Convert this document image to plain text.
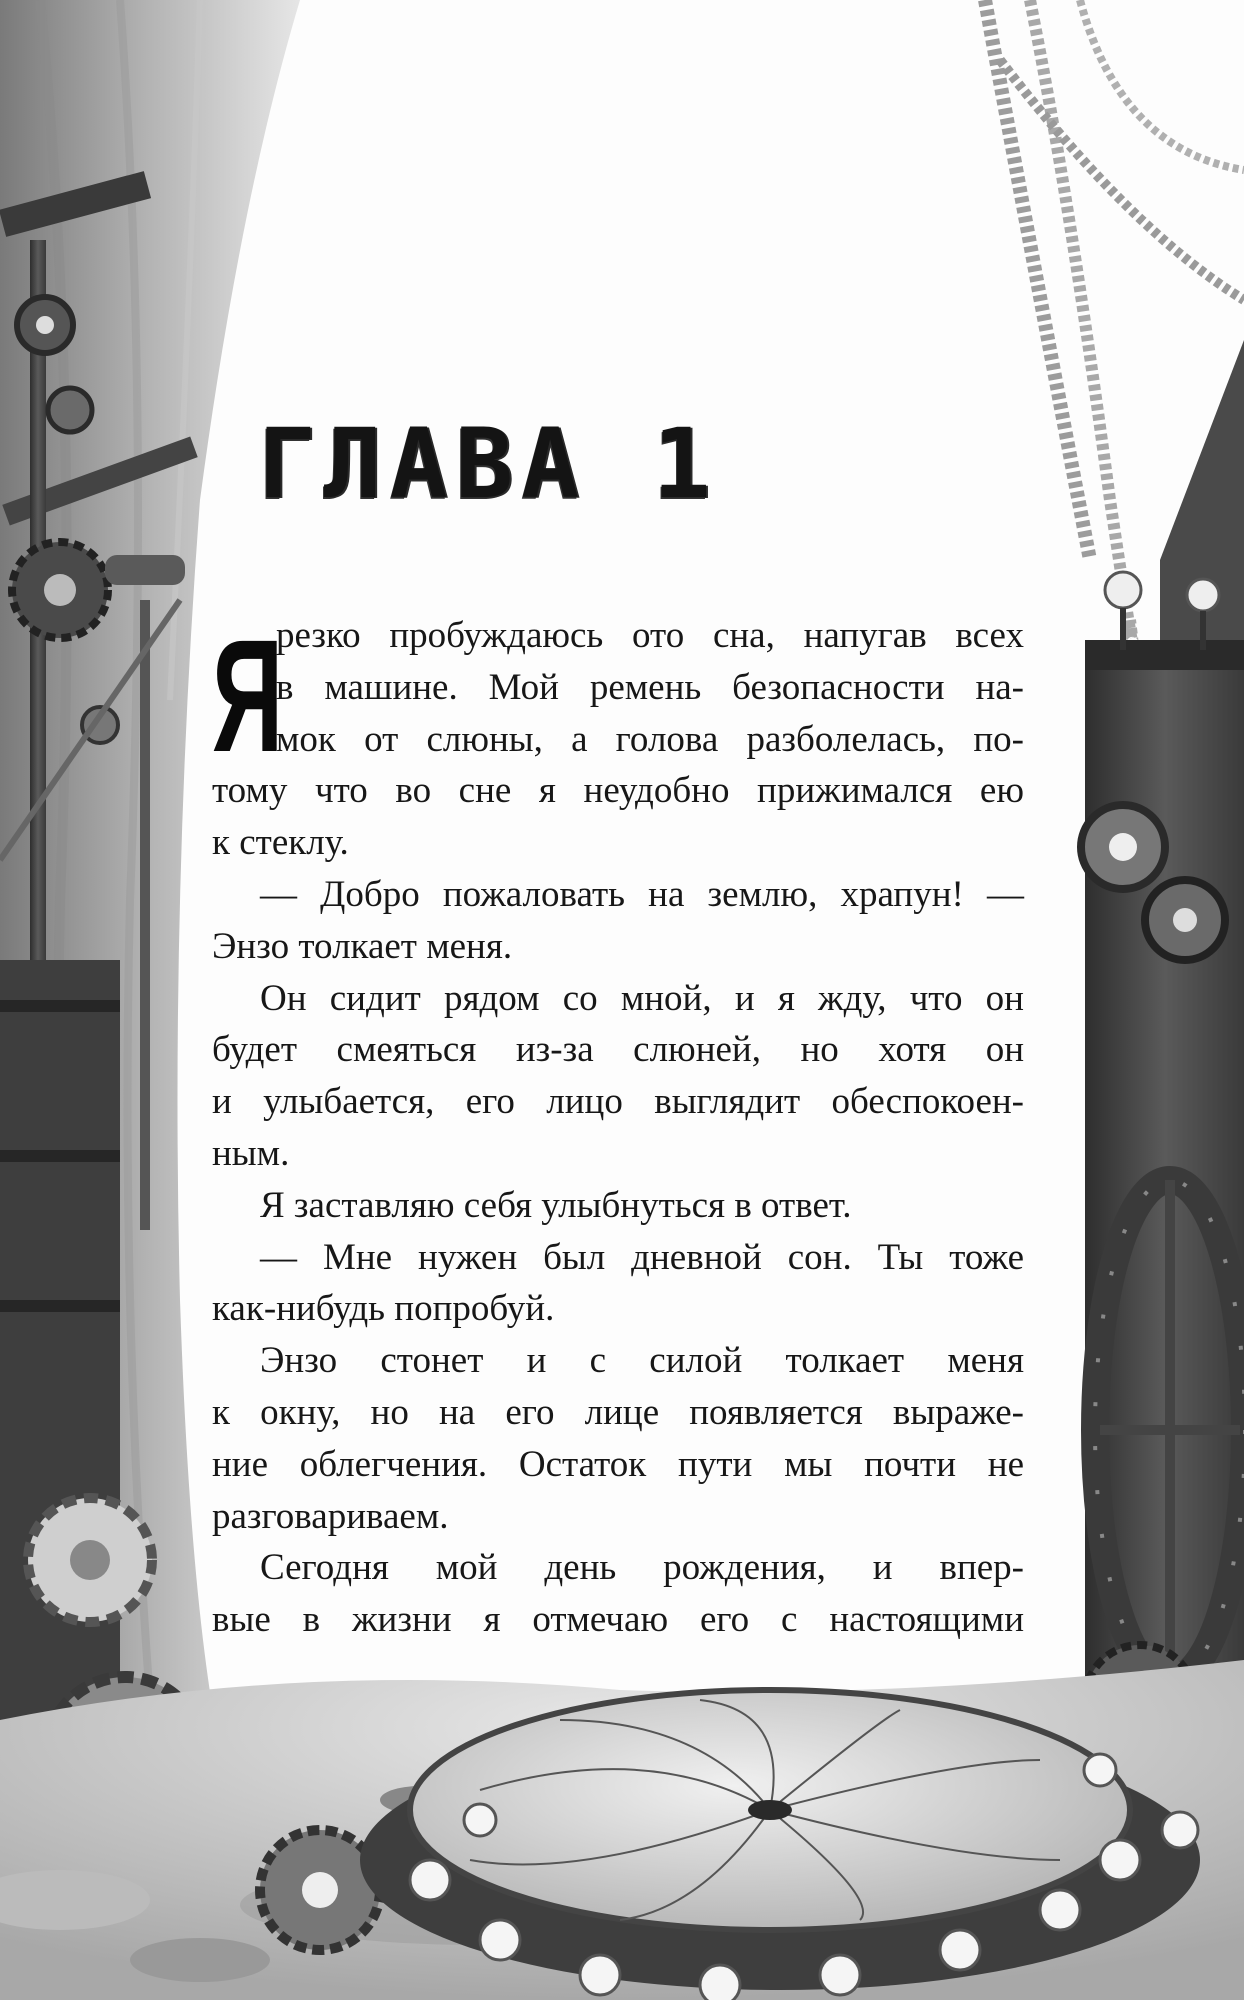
ГЛАВА 1
Я
резко пробуждаюсь ото сна, напугав всех
в машине. Мой ремень безопасности на-
мок от слюны, а голова разболелась, по-
тому что во сне я неудобно прижимался ею
к стеклу.
— Добро пожаловать на землю, храпун! —
Энзо толкает меня.
Он сидит рядом со мной, и я жду, что он
будет смеяться из-за слюней, но хотя он
и улыбается, его лицо выглядит обеспокоен-
ным.
Я заставляю себя улыбнуться в ответ.
— Мне нужен был дневной сон. Ты тоже
как-нибудь попробуй.
Энзо стонет и с силой толкает меня
к окну, но на его лице появляется выраже-
ние облегчения. Остаток пути мы почти не
разговариваем.
Сегодня мой день рождения, и впер-
вые в жизни я отмечаю его с настоящими
